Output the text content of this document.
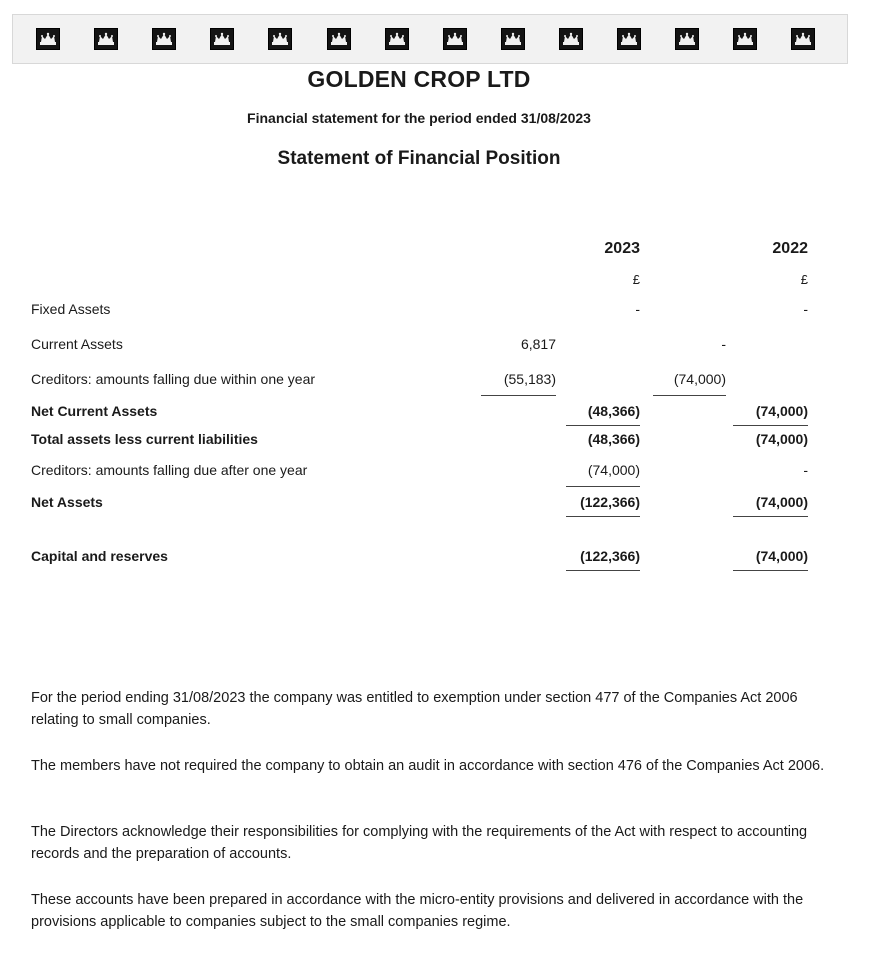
GOLDEN CROP LTD
Financial statement for the period ended 31/08/2023
Statement of Financial Position
2023	2022
£	£
Fixed Assets	-	-
Current Assets	6,817	-
Creditors: amounts falling due within one year	(55,183)	(74,000)
Net Current Assets	(48,366)	(74,000)
Total assets less current liabilities	(48,366)	(74,000)
Creditors: amounts falling due after one year	(74,000)	-
Net Assets	(122,366)	(74,000)
Capital and reserves	(122,366)	(74,000)
For the period ending 31/08/2023 the company was entitled to exemption under section 477 of the Companies Act 2006 relating to small companies.
The members have not required the company to obtain an audit in accordance with section 476 of the Companies Act 2006.
The Directors acknowledge their responsibilities for complying with the requirements of the Act with respect to accounting records and the preparation of accounts.
These accounts have been prepared in accordance with the micro-entity provisions and delivered in accordance with the provisions applicable to companies subject to the small companies regime.
